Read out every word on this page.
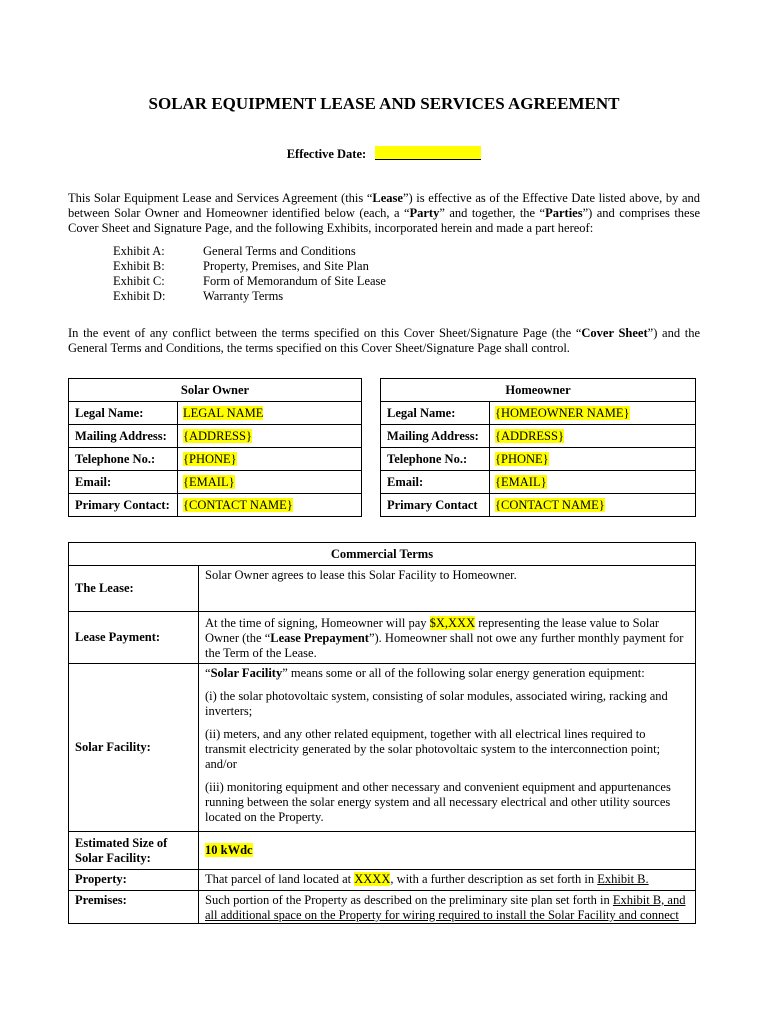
SOLAR EQUIPMENT LEASE AND SERVICES AGREEMENT
Effective Date:
This Solar Equipment Lease and Services Agreement (this “Lease”) is effective as of the Effective Date listed above, by and between Solar Owner and Homeowner identified below (each, a “Party” and together, the “Parties”) and comprises these Cover Sheet and Signature Page, and the following Exhibits, incorporated herein and made a part hereof:
Exhibit A:	General Terms and Conditions
Exhibit B:	Property, Premises, and Site Plan
Exhibit C:	Form of Memorandum of Site Lease
Exhibit D:	Warranty Terms
In the event of any conflict between the terms specified on this Cover Sheet/Signature Page (the “Cover Sheet”) and the General Terms and Conditions, the terms specified on this Cover Sheet/Signature Page shall control.
Solar Owner	
Legal Name:	LEGAL NAME
Mailing Address:	{ADDRESS}
Telephone No.:	{PHONE}
Email:	{EMAIL}
Primary Contact:	{CONTACT NAME}
Homeowner	
Legal Name:	{HOMEOWNER NAME}
Mailing Address:	{ADDRESS}
Telephone No.:	{PHONE}
Email:	{EMAIL}
Primary Contact	{CONTACT NAME}
Commercial Terms	
The Lease:	Solar Owner agrees to lease this Solar Facility to Homeowner.
Lease Payment:	At the time of signing, Homeowner will pay $X,XXX representing the lease value to Solar Owner (the “Lease Prepayment”). Homeowner shall not owe any further monthly payment for the Term of the Lease.
Solar Facility:	“Solar Facility” means some or all of the following solar energy generation equipment:

(i) the solar photovoltaic system, consisting of solar modules, associated wiring, racking and inverters;

(ii) meters, and any other related equipment, together with all electrical lines required to transmit electricity generated by the solar photovoltaic system to the interconnection point; and/or

(iii) monitoring equipment and other necessary and convenient equipment and appurtenances running between the solar energy system and all necessary electrical and other utility sources located on the Property.

Estimated Size of Solar Facility:	10 kWdc
Property:	That parcel of land located at XXXX, with a further description as set forth in Exhibit B.
Premises:	Such portion of the Property as described on the preliminary site plan set forth in Exhibit B, and all additional space on the Property for wiring required to install the Solar Facility and connect
